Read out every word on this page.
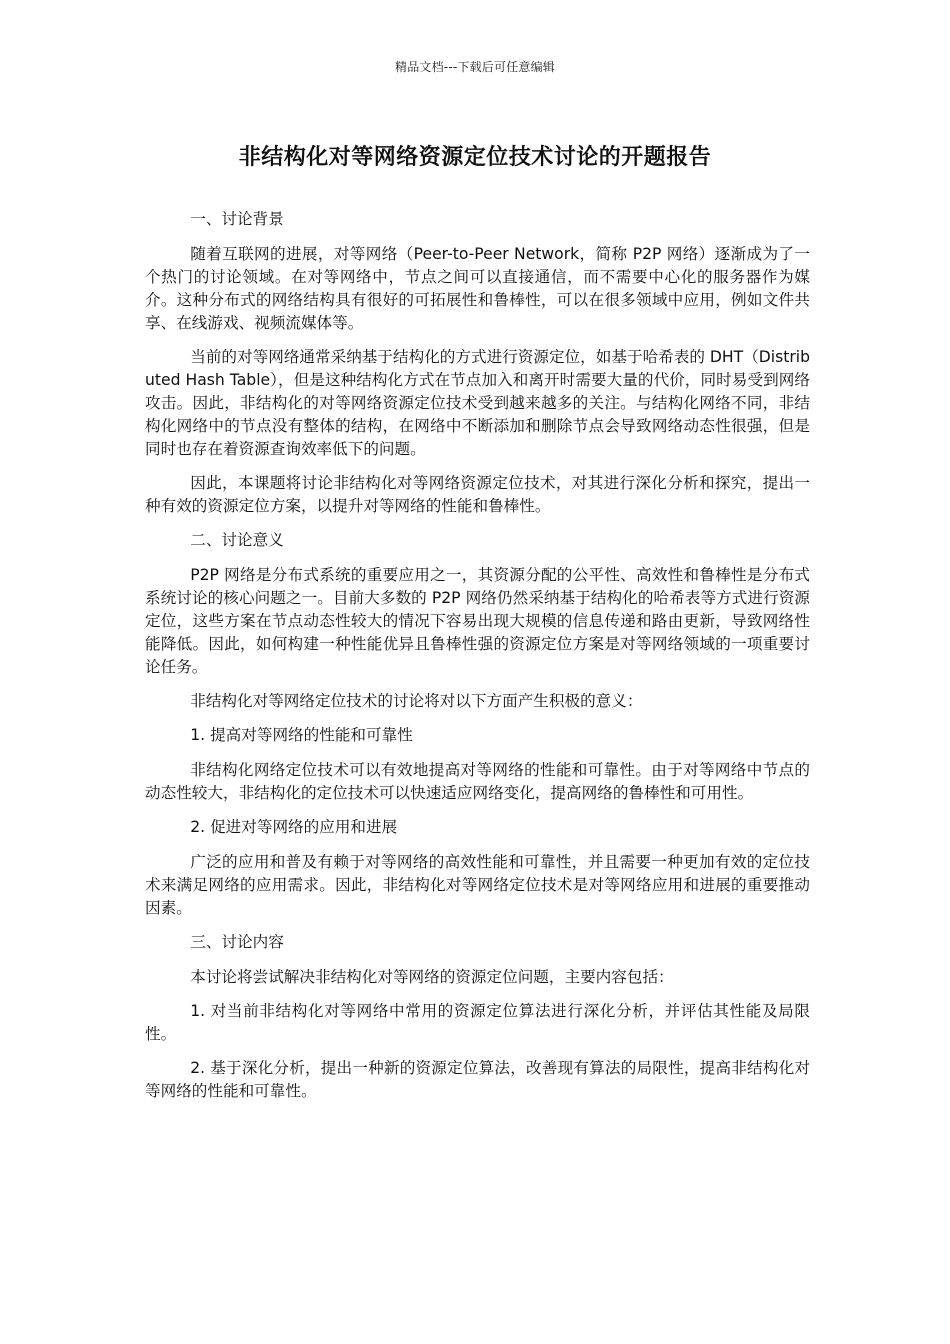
精品文档---下载后可任意编辑
非结构化对等网络资源定位技术讨论的开题报告

一、讨论背景

随着互联网的进展，对等网络（Peer-to-Peer Network，简称 P2P 网络）逐渐成为了一个热门的讨论领域。在对等网络中，节点之间可以直接通信，而不需要中心化的服务器作为媒介。这种分布式的网络结构具有很好的可拓展性和鲁棒性，可以在很多领域中应用，例如文件共享、在线游戏、视频流媒体等。

当前的对等网络通常采纳基于结构化的方式进行资源定位，如基于哈希表的 DHT（Distributed Hash Table），但是这种结构化方式在节点加入和离开时需要大量的代价，同时易受到网络攻击。因此，非结构化的对等网络资源定位技术受到越来越多的关注。与结构化网络不同，非结构化网络中的节点没有整体的结构，在网络中不断添加和删除节点会导致网络动态性很强，但是同时也存在着资源查询效率低下的问题。

因此，本课题将讨论非结构化对等网络资源定位技术，对其进行深化分析和探究，提出一种有效的资源定位方案，以提升对等网络的性能和鲁棒性。

二、讨论意义

P2P 网络是分布式系统的重要应用之一，其资源分配的公平性、高效性和鲁棒性是分布式系统讨论的核心问题之一。目前大多数的 P2P 网络仍然采纳基于结构化的哈希表等方式进行资源定位，这些方案在节点动态性较大的情况下容易出现大规模的信息传递和路由更新，导致网络性能降低。因此，如何构建一种性能优异且鲁棒性强的资源定位方案是对等网络领域的一项重要讨论任务。

非结构化对等网络定位技术的讨论将对以下方面产生积极的意义：

1. 提高对等网络的性能和可靠性

非结构化网络定位技术可以有效地提高对等网络的性能和可靠性。由于对等网络中节点的动态性较大，非结构化的定位技术可以快速适应网络变化，提高网络的鲁棒性和可用性。

2. 促进对等网络的应用和进展

广泛的应用和普及有赖于对等网络的高效性能和可靠性，并且需要一种更加有效的定位技术来满足网络的应用需求。因此，非结构化对等网络定位技术是对等网络应用和进展的重要推动因素。

三、讨论内容

本讨论将尝试解决非结构化对等网络的资源定位问题，主要内容包括：

1. 对当前非结构化对等网络中常用的资源定位算法进行深化分析，并评估其性能及局限性。

2. 基于深化分析，提出一种新的资源定位算法，改善现有算法的局限性，提高非结构化对等网络的性能和可靠性。
